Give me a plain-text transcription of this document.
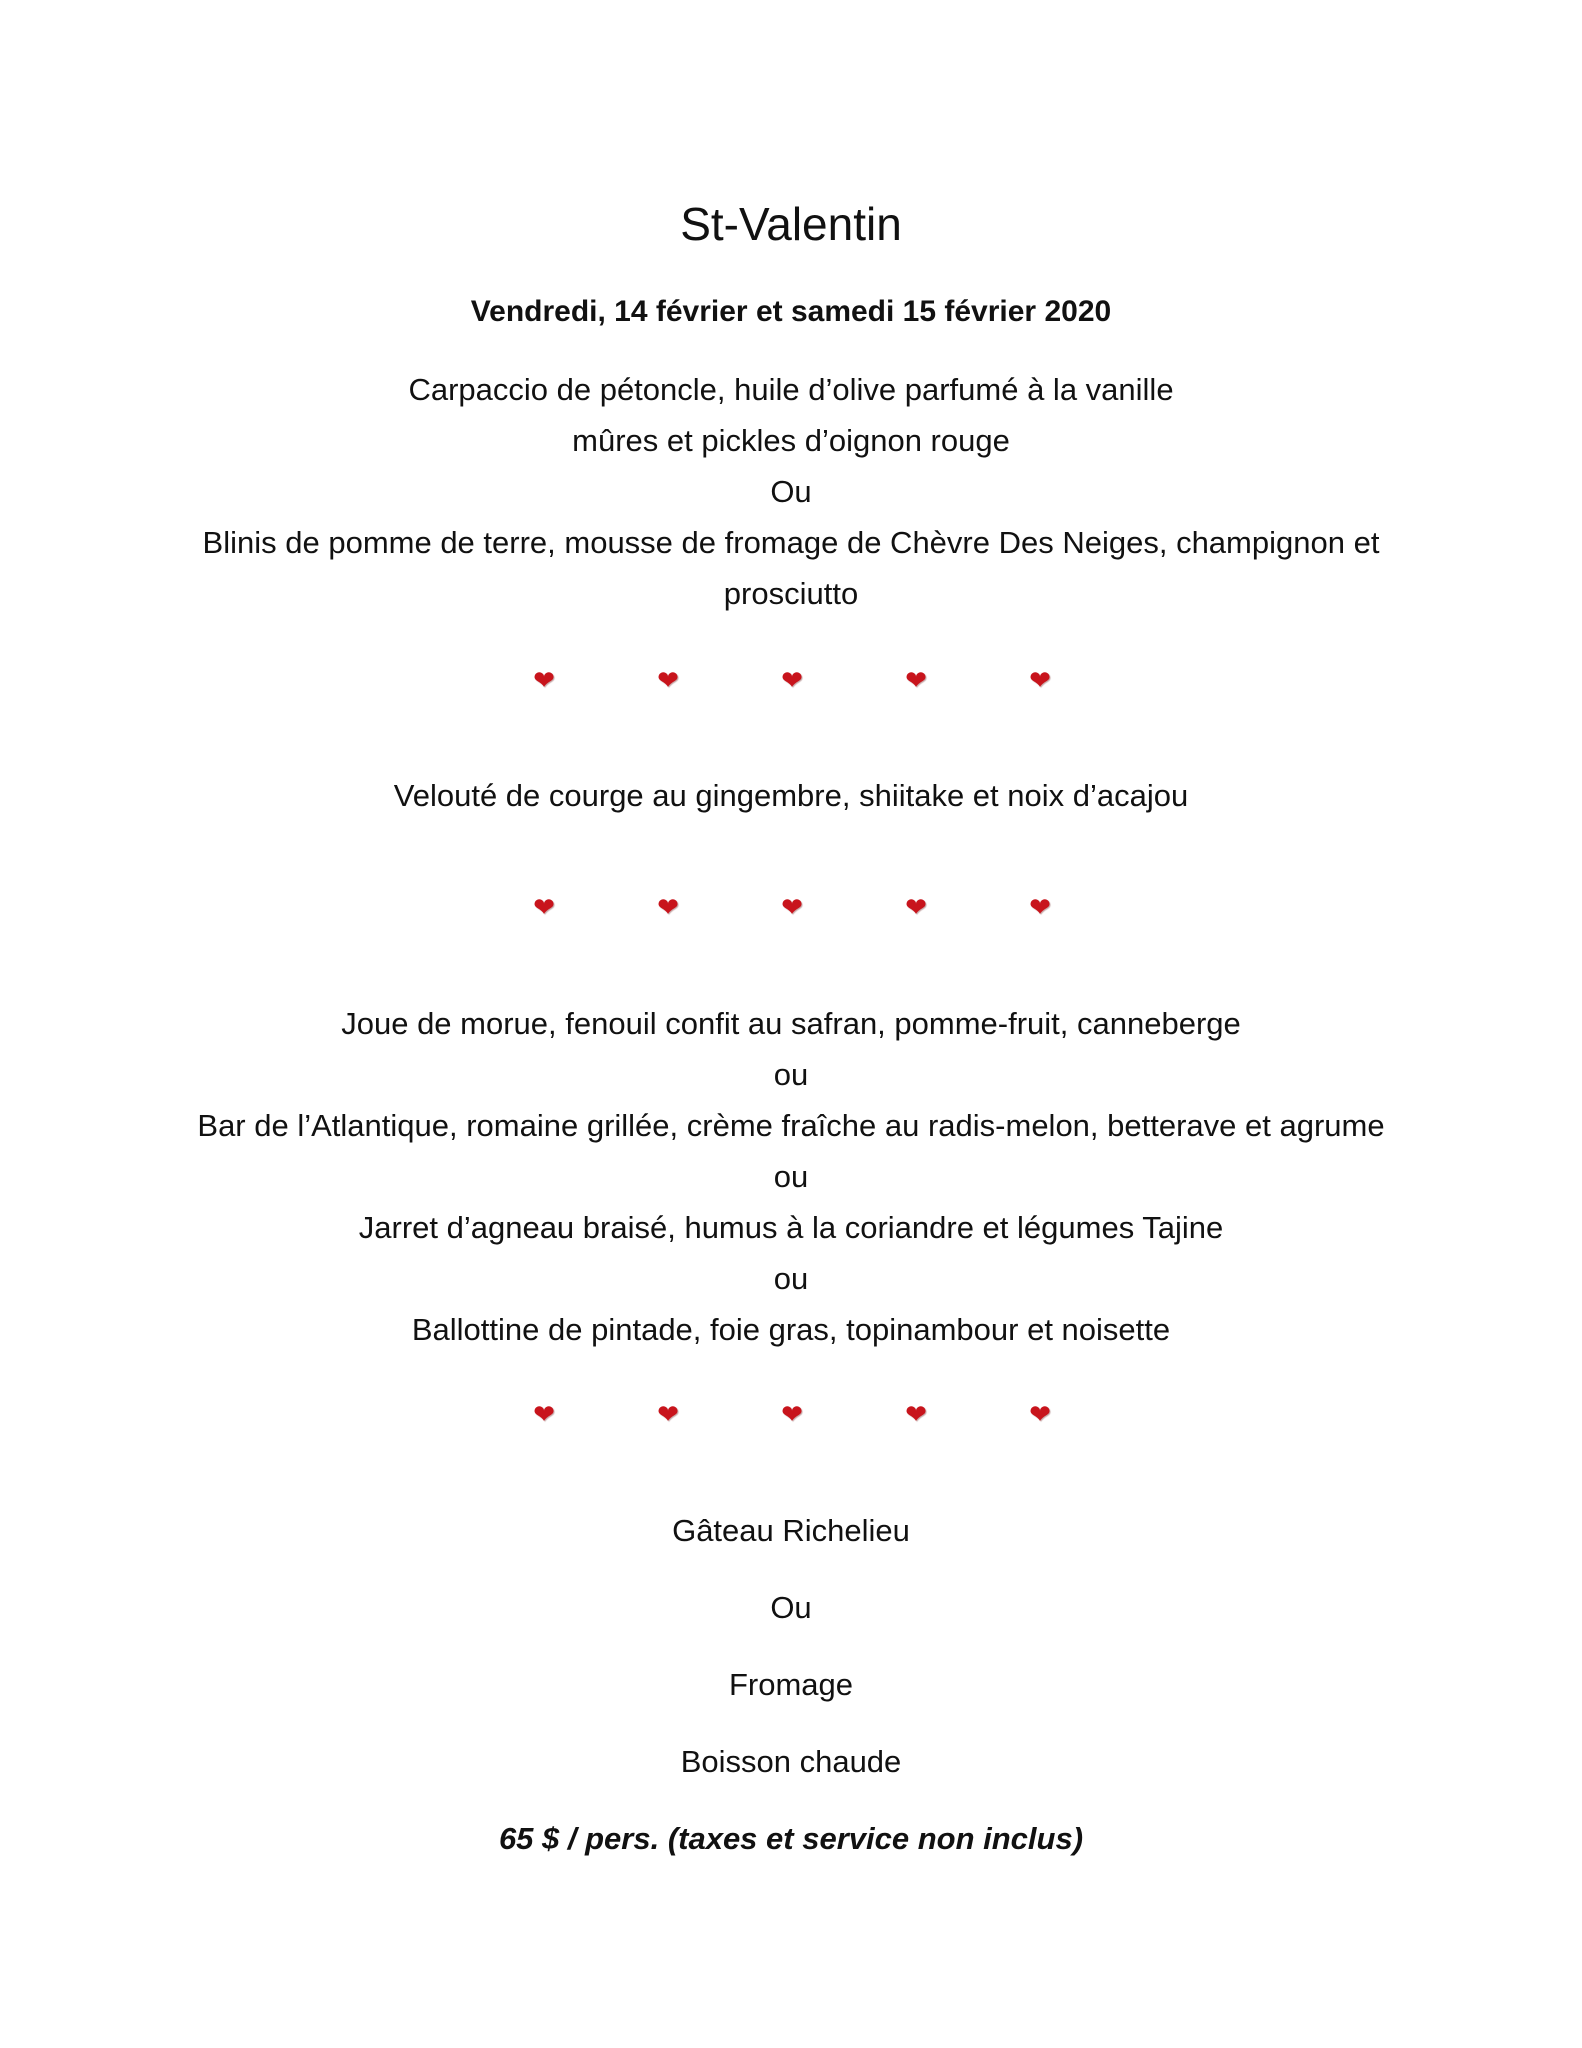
St-Valentin
Vendredi, 14 février et samedi 15 février 2020
Carpaccio de pétoncle, huile d’olive parfumé à la vanille
mûres et pickles d’oignon rouge
Ou
Blinis de pomme de terre, mousse de fromage de Chèvre Des Neiges, champignon et
prosciutto
❤	❤	❤	❤	❤
Velouté de courge au gingembre, shiitake et noix d’acajou
❤	❤	❤	❤	❤
Joue de morue, fenouil confit au safran, pomme-fruit, canneberge
ou
Bar de l’Atlantique, romaine grillée, crème fraîche au radis-melon, betterave et agrume
ou
Jarret d’agneau braisé, humus à la coriandre et légumes Tajine
ou
Ballottine de pintade, foie gras, topinambour et noisette
❤	❤	❤	❤	❤
Gâteau Richelieu
Ou
Fromage
Boisson chaude
65 $ / pers. (taxes et service non inclus)
